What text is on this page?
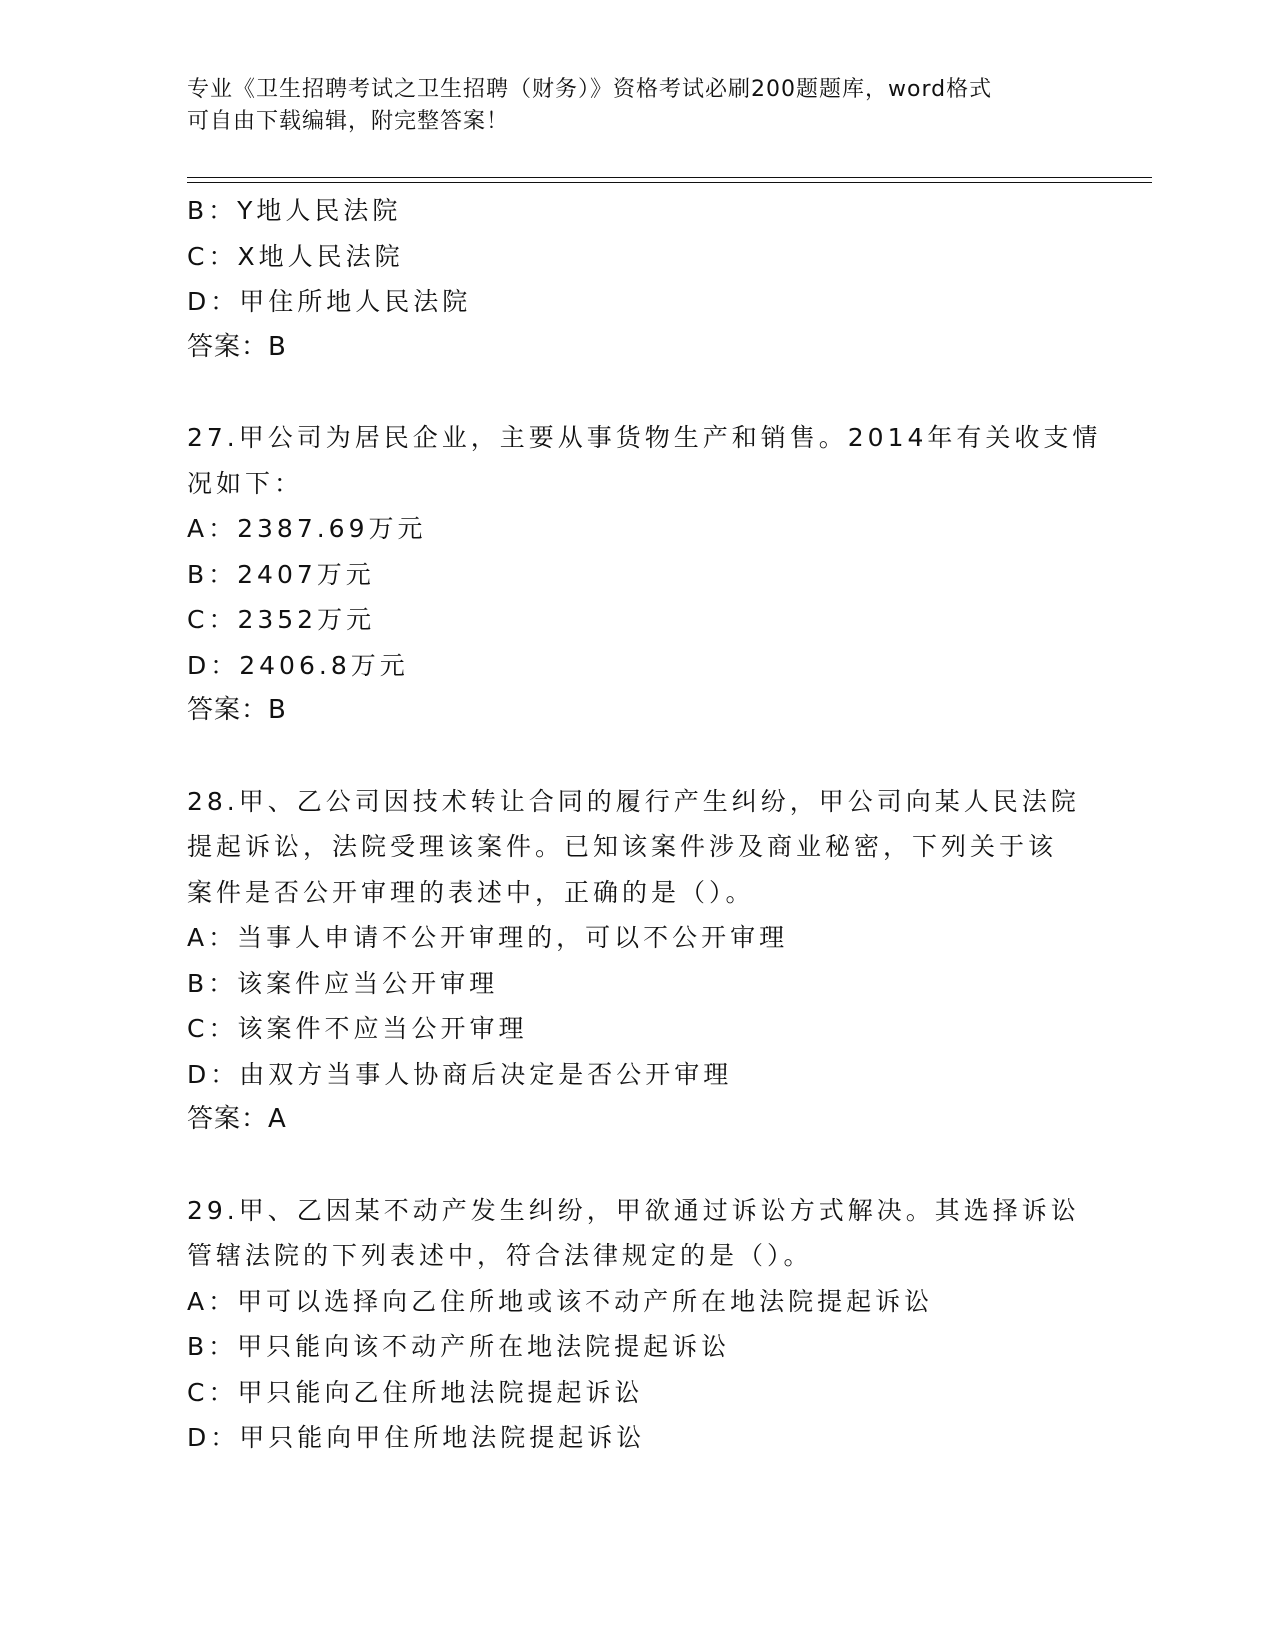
专业《卫生招聘考试之卫生招聘（财务）》资格考试必刷200题题库，word格式
可自由下载编辑，附完整答案！
B：Y地人民法院
C：X地人民法院
D：甲住所地人民法院
答案：B
27.甲公司为居民企业，主要从事货物生产和销售。2014年有关收支情
况如下：
A：2387.69万元
B：2407万元
C：2352万元
D：2406.8万元
答案：B
28.甲、乙公司因技术转让合同的履行产生纠纷，甲公司向某人民法院
提起诉讼，法院受理该案件。已知该案件涉及商业秘密，下列关于该
案件是否公开审理的表述中，正确的是（）。
A：当事人申请不公开审理的，可以不公开审理
B：该案件应当公开审理
C：该案件不应当公开审理
D：由双方当事人协商后决定是否公开审理
答案：A
29.甲、乙因某不动产发生纠纷，甲欲通过诉讼方式解决。其选择诉讼
管辖法院的下列表述中，符合法律规定的是（）。
A：甲可以选择向乙住所地或该不动产所在地法院提起诉讼
B：甲只能向该不动产所在地法院提起诉讼
C：甲只能向乙住所地法院提起诉讼
D：甲只能向甲住所地法院提起诉讼
